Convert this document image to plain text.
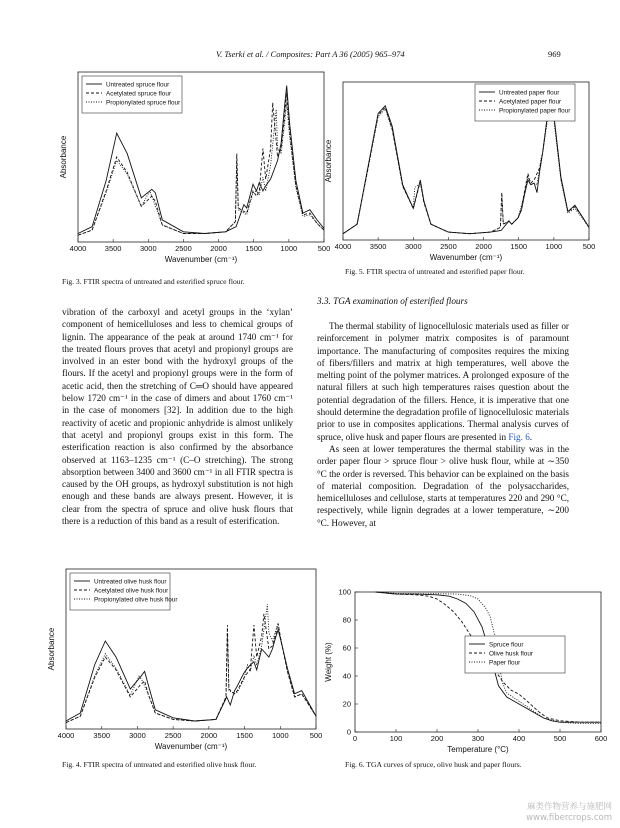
V. Tserki et al. / Composites: Part A 36 (2005) 965–974	969
4000 3500 3000 2500 2000 1500 1000	500
Wavenumber (cm⁻¹)
Absorbance
Untreated spruce flour
Acetylated spruce flour
Propionylated spruce flour
Fig. 3. FTIR spectra of untreated and esterified spruce flour.
4000 3500 3000 2500 2000 1500 1000	500
Wavenumber (cm⁻¹)
Absorbance
Untreated paper flour
Acetylated paper flour
Propionylated paper flour
Fig. 5. FTIR spectra of untreated and esterified paper flour.

vibration of the carboxyl and acetyl groups in the ‘xylan’ component of hemicelluloses and less to chemical groups of lignin. The appearance of the peak at around 1740 cm⁻¹ for the treated flours proves that acetyl and propionyl groups are involved in an ester bond with the hydroxyl groups of the flours. If the acetyl and propionyl groups were in the form of acetic acid, then the stretching of C═O should have appeared below 1720 cm⁻¹ in the case of dimers and about 1760 cm⁻¹ in the case of monomers [32]. In addition due to the high reactivity of acetic and propionic anhydride is almost unlikely that acetyl and propionyl groups exist in this form. The esterification reaction is also confirmed by the absorbance observed at 1163–1235 cm⁻¹ (C–O stretching). The strong absorption between 3400 and 3600 cm⁻¹ in all FTIR spectra is caused by the OH groups, as hydroxyl substitution is not high enough and these bands are always present. However, it is clear from the spectra of spruce and olive husk flours that there is a reduction of this band as a result of esterification.

4000	3500	3000	2500	2000	1500	1000	500
Wavenumber (cm⁻¹)
Absorbance
Untreated olive husk flour
Acetylated olive husk flour
Propionylated olive husk flour
Fig. 4. FTIR spectra of untreated and esterified olive husk flour.
3.3. TGA examination of esterified flours

The thermal stability of lignocellulosic materials used as filler or reinforcement in polymer matrix composites is of paramount importance. The manufacturing of composites requires the mixing of fibers/fillers and matrix at high temperatures, well above the melting point of the polymer matrices. A prolonged exposure of the natural fillers at such high temperatures raises question about the potential degradation of the fillers. Hence, it is imperative that one should determine the degradation profile of lignocellulosic materials prior to use in composites applications. Thermal analysis curves of spruce, olive husk and paper flours are presented in Fig. 6.

As seen at lower temperatures the thermal stability was in the order paper flour > spruce flour > olive husk flour, while at ∼350 °C the order is reversed. This behavior can be explained on the basis of material composition. Degradation of the polysaccharides, hemicelluloses and cellulose, starts at temperatures 220 and 290 °C, respectively, while lignin degrades at a lower temperature, ∼200 °C. However, at

0	100	200	300	400	500	600
0
20
40
60
80
100
Temperature (°C)
Weight (%)	Spruce flour
Olive husk flour
Paper flour
Fig. 6. TGA curves of spruce, olive husk and paper flours.
麻类作物营养与施肥网
www.fibercrops.com
